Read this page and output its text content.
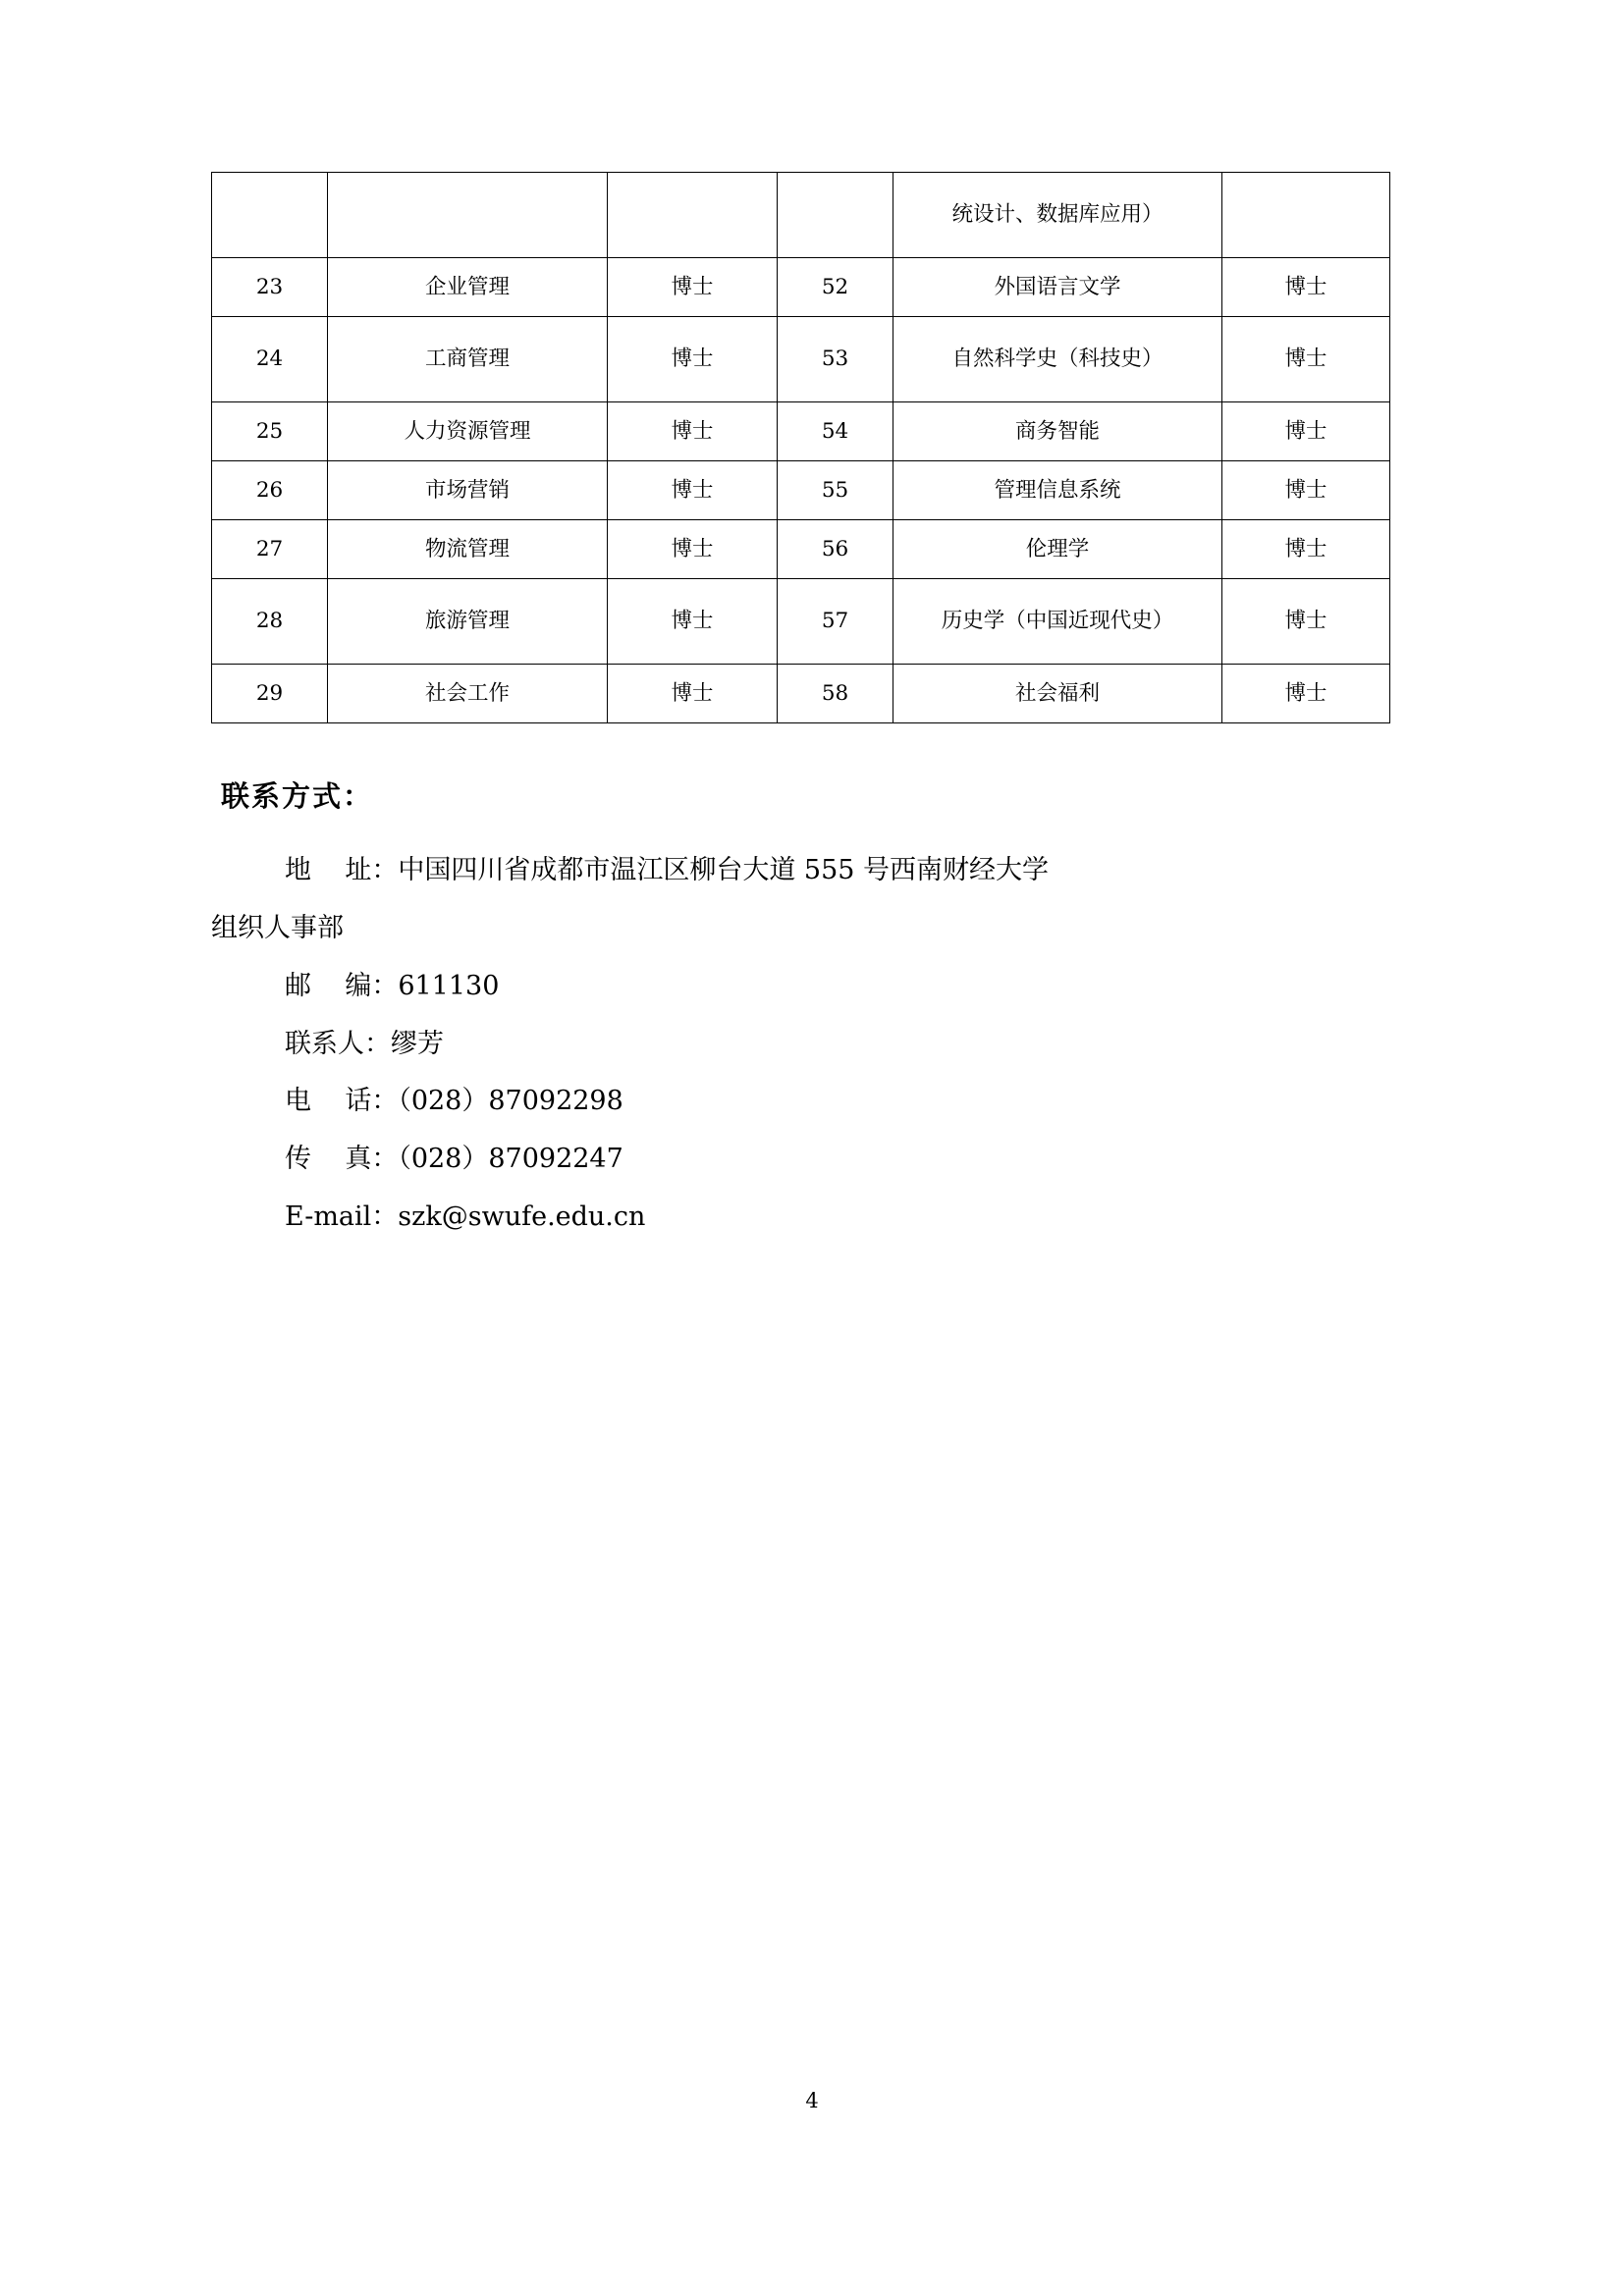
				统设计、数据库应用）	
23	企业管理	博士	52	外国语言文学	博士
24	工商管理	博士	53	自然科学史（科技史）	博士
25	人力资源管理	博士	54	商务智能	博士
26	市场营销	博士	55	管理信息系统	博士
27	物流管理	博士	56	伦理学	博士
28	旅游管理	博士	57	历史学（中国近现代史）	博士
29	社会工作	博士	58	社会福利	博士
联系方式：
地    址：中国四川省成都市温江区柳台大道 555 号西南财经大学
组织人事部
邮    编：611130
联系人：缪芳
电    话：（028）87092298
传    真：（028）87092247
E-mail：szk@swufe.edu.cn
4
